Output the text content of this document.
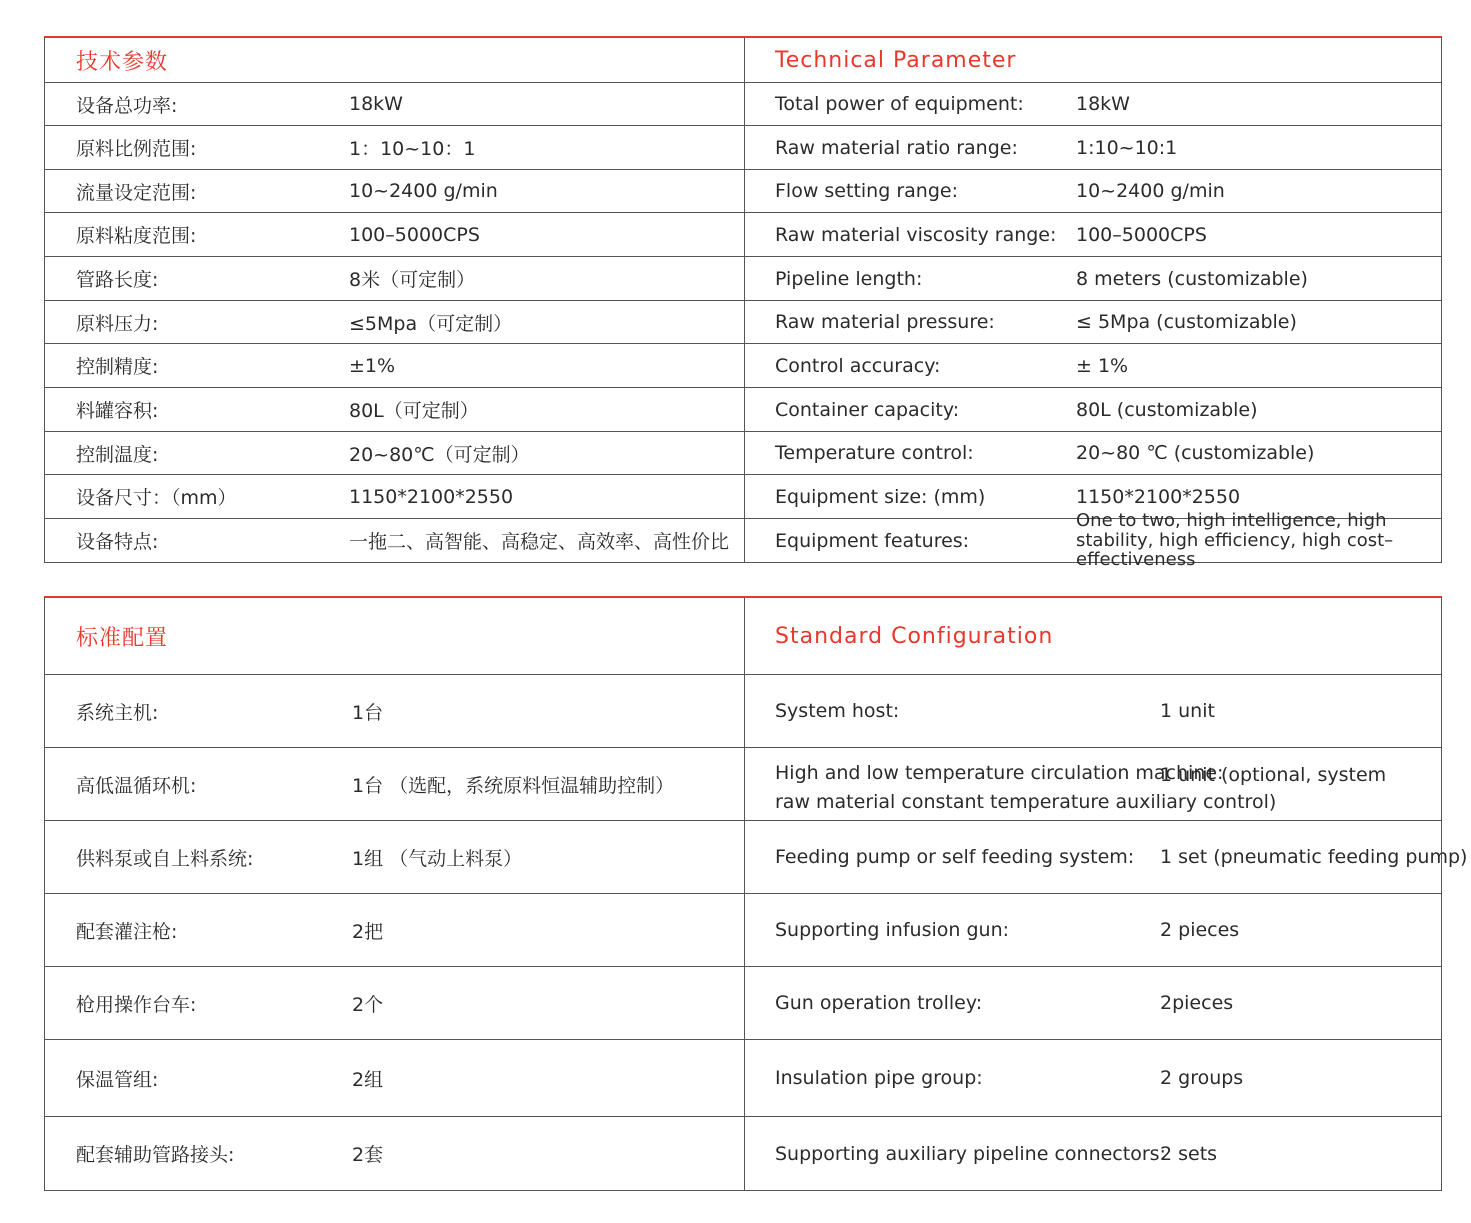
技术参数
设备总功率:	18kW
原料比例范围:	1：10~10：1
流量设定范围:	10~2400 g/min
原料粘度范围:	100–5000CPS
管路长度:	8米（可定制）
原料压力:	≤5Mpa（可定制）
控制精度:	±1%
料罐容积:	80L（可定制）
控制温度:	20~80℃（可定制）
设备尺寸：（mm）	1150*2100*2550
设备特点:	一拖二、高智能、高稳定、高效率、高性价比
Technical Parameter
Total power of equipment:	18kW
Raw material ratio range:	1:10~10:1
Flow setting range:	10~2400 g/min
Raw material viscosity range: 100–5000CPS
Pipeline length:	8 meters (customizable)
Raw material pressure:	≤ 5Mpa (customizable)
Control accuracy:	± 1%
Container capacity:	80L (customizable)
Temperature control:	20~80 ℃ (customizable)
Equipment size: (mm)	1150*2100*2550
Equipment features:
One to two, high intelligence, high stability, high efficiency, high cost–effectiveness
标准配置
系统主机:	1台
高低温循环机:	1台 （选配，系统原料恒温辅助控制）
供料泵或自上料系统:	1组 （气动上料泵）
配套灌注枪:	2把
枪用操作台车:	2个
保温管组:	2组
配套辅助管路接头:	2套
Standard Configuration
System host:	1 unit
High and low temperature circulation machine:
1 unit (optional, system raw material constant temperature auxiliary control)
Feeding pump or self feeding system: 1 set (pneumatic feeding pump)
Supporting infusion gun:	2 pieces
Gun operation trolley:	2pieces
Insulation pipe group:	2 groups
Supporting auxiliary pipeline connectors:
2 sets
